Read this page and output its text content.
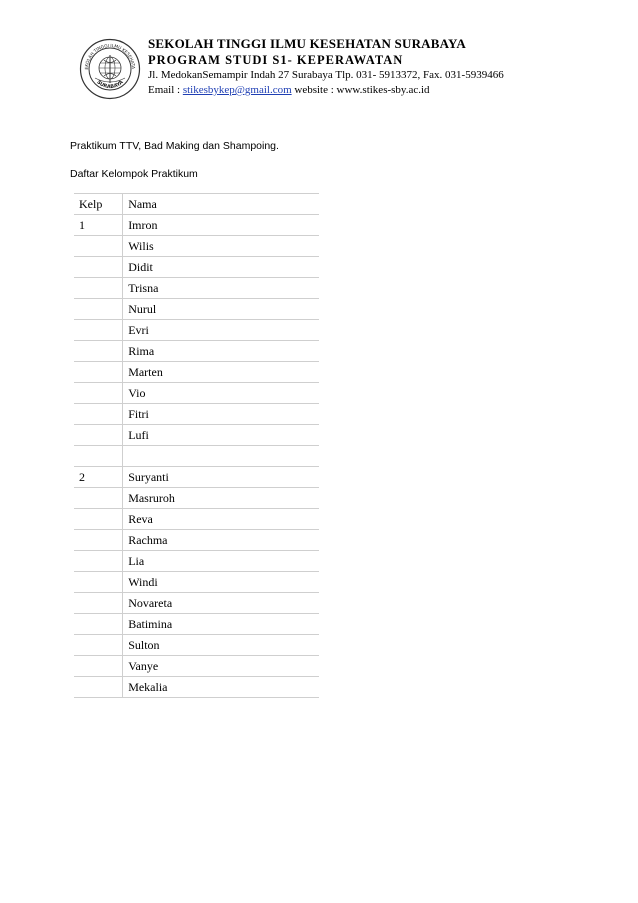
EKOLAH TINGGI ILMU KESEHATA
SURABAYA
SEKOLAH TINGGI ILMU KESEHATAN SURABAYA
PROGRAM STUDI S1- KEPERAWATAN
Jl. MedokanSemampir Indah 27 Surabaya Tlp. 031- 5913372, Fax. 031-5939466
Email : stikesbykep@gmail.com website : www.stikes-sby.ac.id
Praktikum TTV, Bad Making dan Shampoing.
Daftar Kelompok Praktikum
Kelp	Nama
1	Imron
	Wilis
	Didit
	Trisna
	Nurul
	Evri
	Rima
	Marten
	Vio
	Fitri
	Lufi

2	Suryanti
	Masruroh
	Reva
	Rachma
	Lia
	Windi
	Novareta
	Batimina
	Sulton
	Vanye
	Mekalia
